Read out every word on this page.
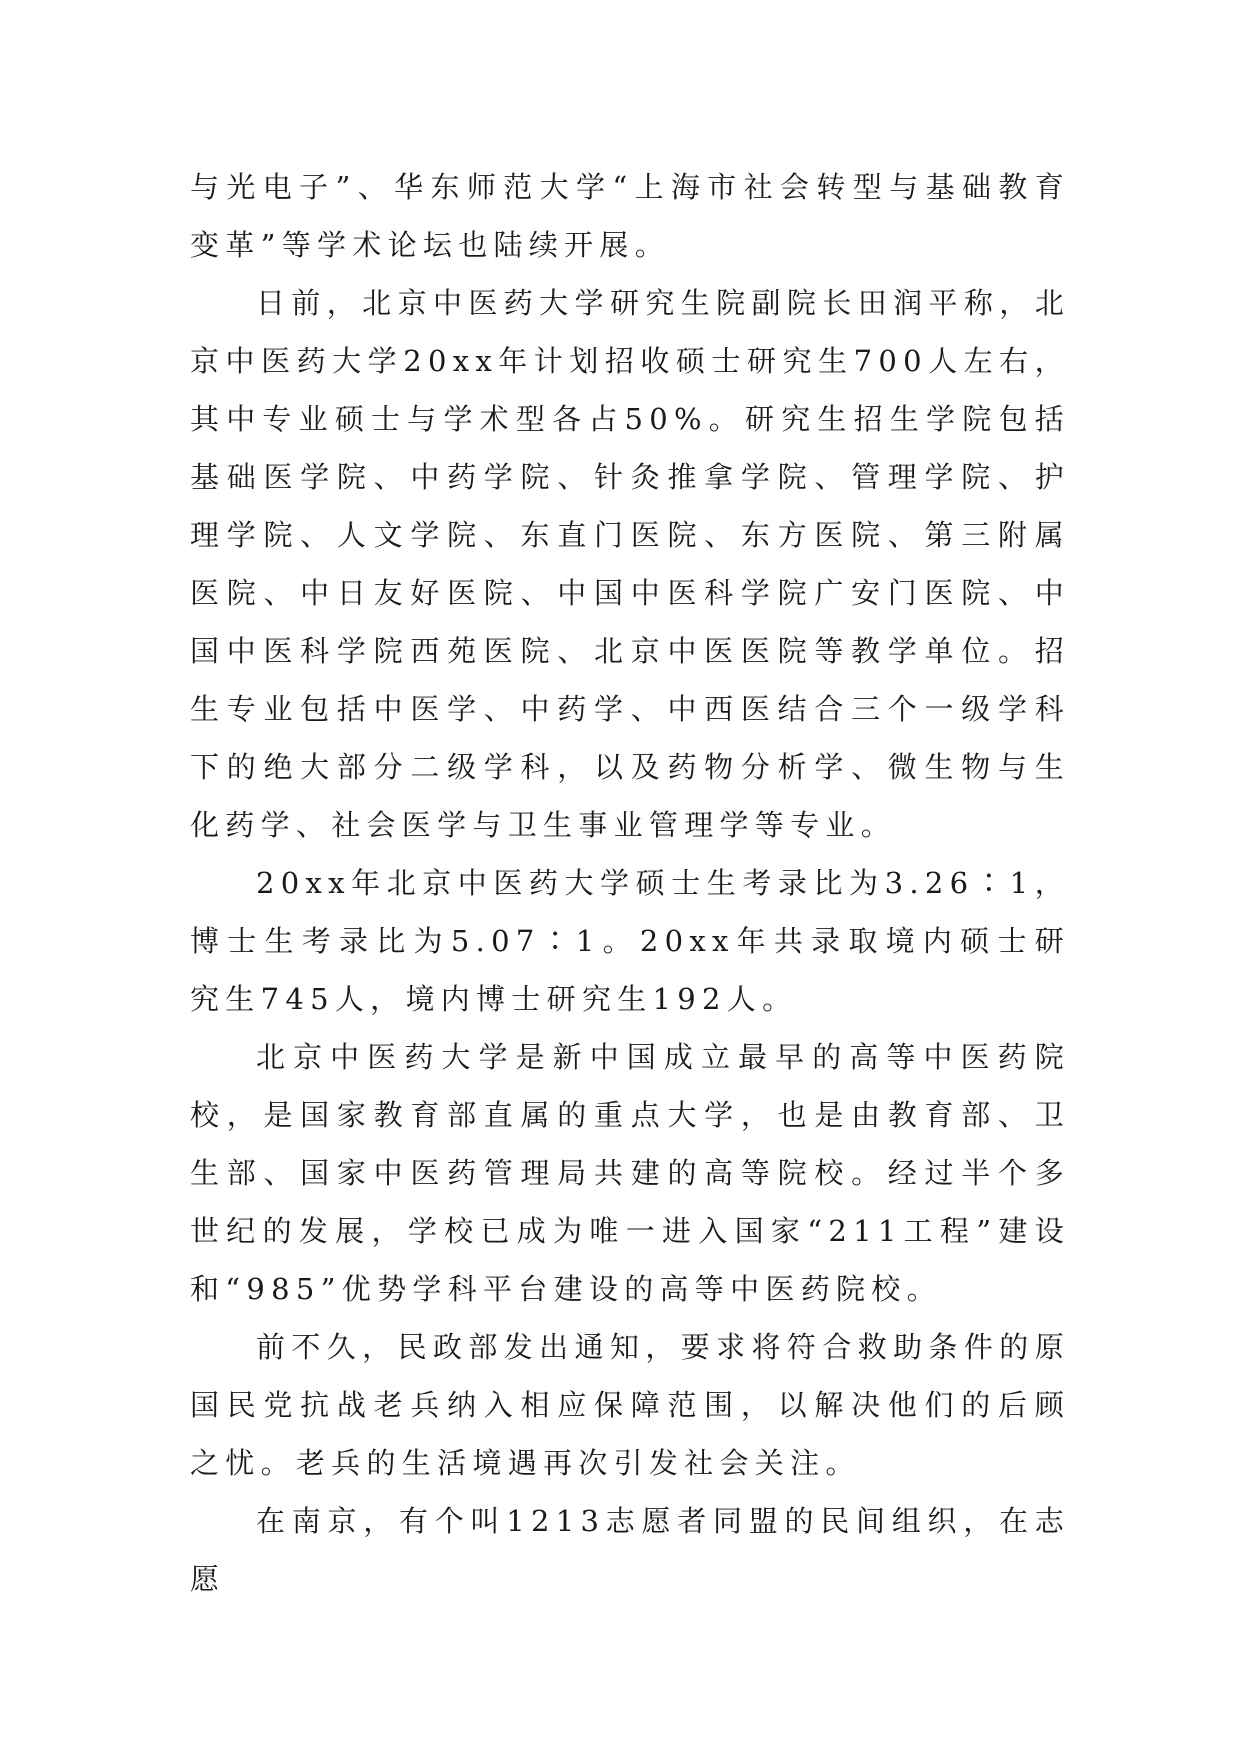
与光电子”、华东师范大学“上海市社会转型与基础教育变革”等学术论坛也陆续开展。

日前，北京中医药大学研究生院副院长田润平称，北京中医药大学20xx年计划招收硕士研究生700人左右，其中专业硕士与学术型各占50%。研究生招生学院包括基础医学院、中药学院、针灸推拿学院、管理学院、护理学院、人文学院、东直门医院、东方医院、第三附属医院、中日友好医院、中国中医科学院广安门医院、中国中医科学院西苑医院、北京中医医院等教学单位。招生专业包括中医学、中药学、中西医结合三个一级学科下的绝大部分二级学科，以及药物分析学、微生物与生化药学、社会医学与卫生事业管理学等专业。

20xx年北京中医药大学硕士生考录比为3.26∶1，博士生考录比为5.07∶1。20xx年共录取境内硕士研究生745人，境内博士研究生192人。

北京中医药大学是新中国成立最早的高等中医药院校，是国家教育部直属的重点大学，也是由教育部、卫生部、国家中医药管理局共建的高等院校。经过半个多世纪的发展，学校已成为唯一进入国家“211工程”建设和“985”优势学科平台建设的高等中医药院校。

前不久，民政部发出通知，要求将符合救助条件的原国民党抗战老兵纳入相应保障范围，以解决他们的后顾之忧。老兵的生活境遇再次引发社会关注。

在南京，有个叫1213志愿者同盟的民间组织，在志愿
